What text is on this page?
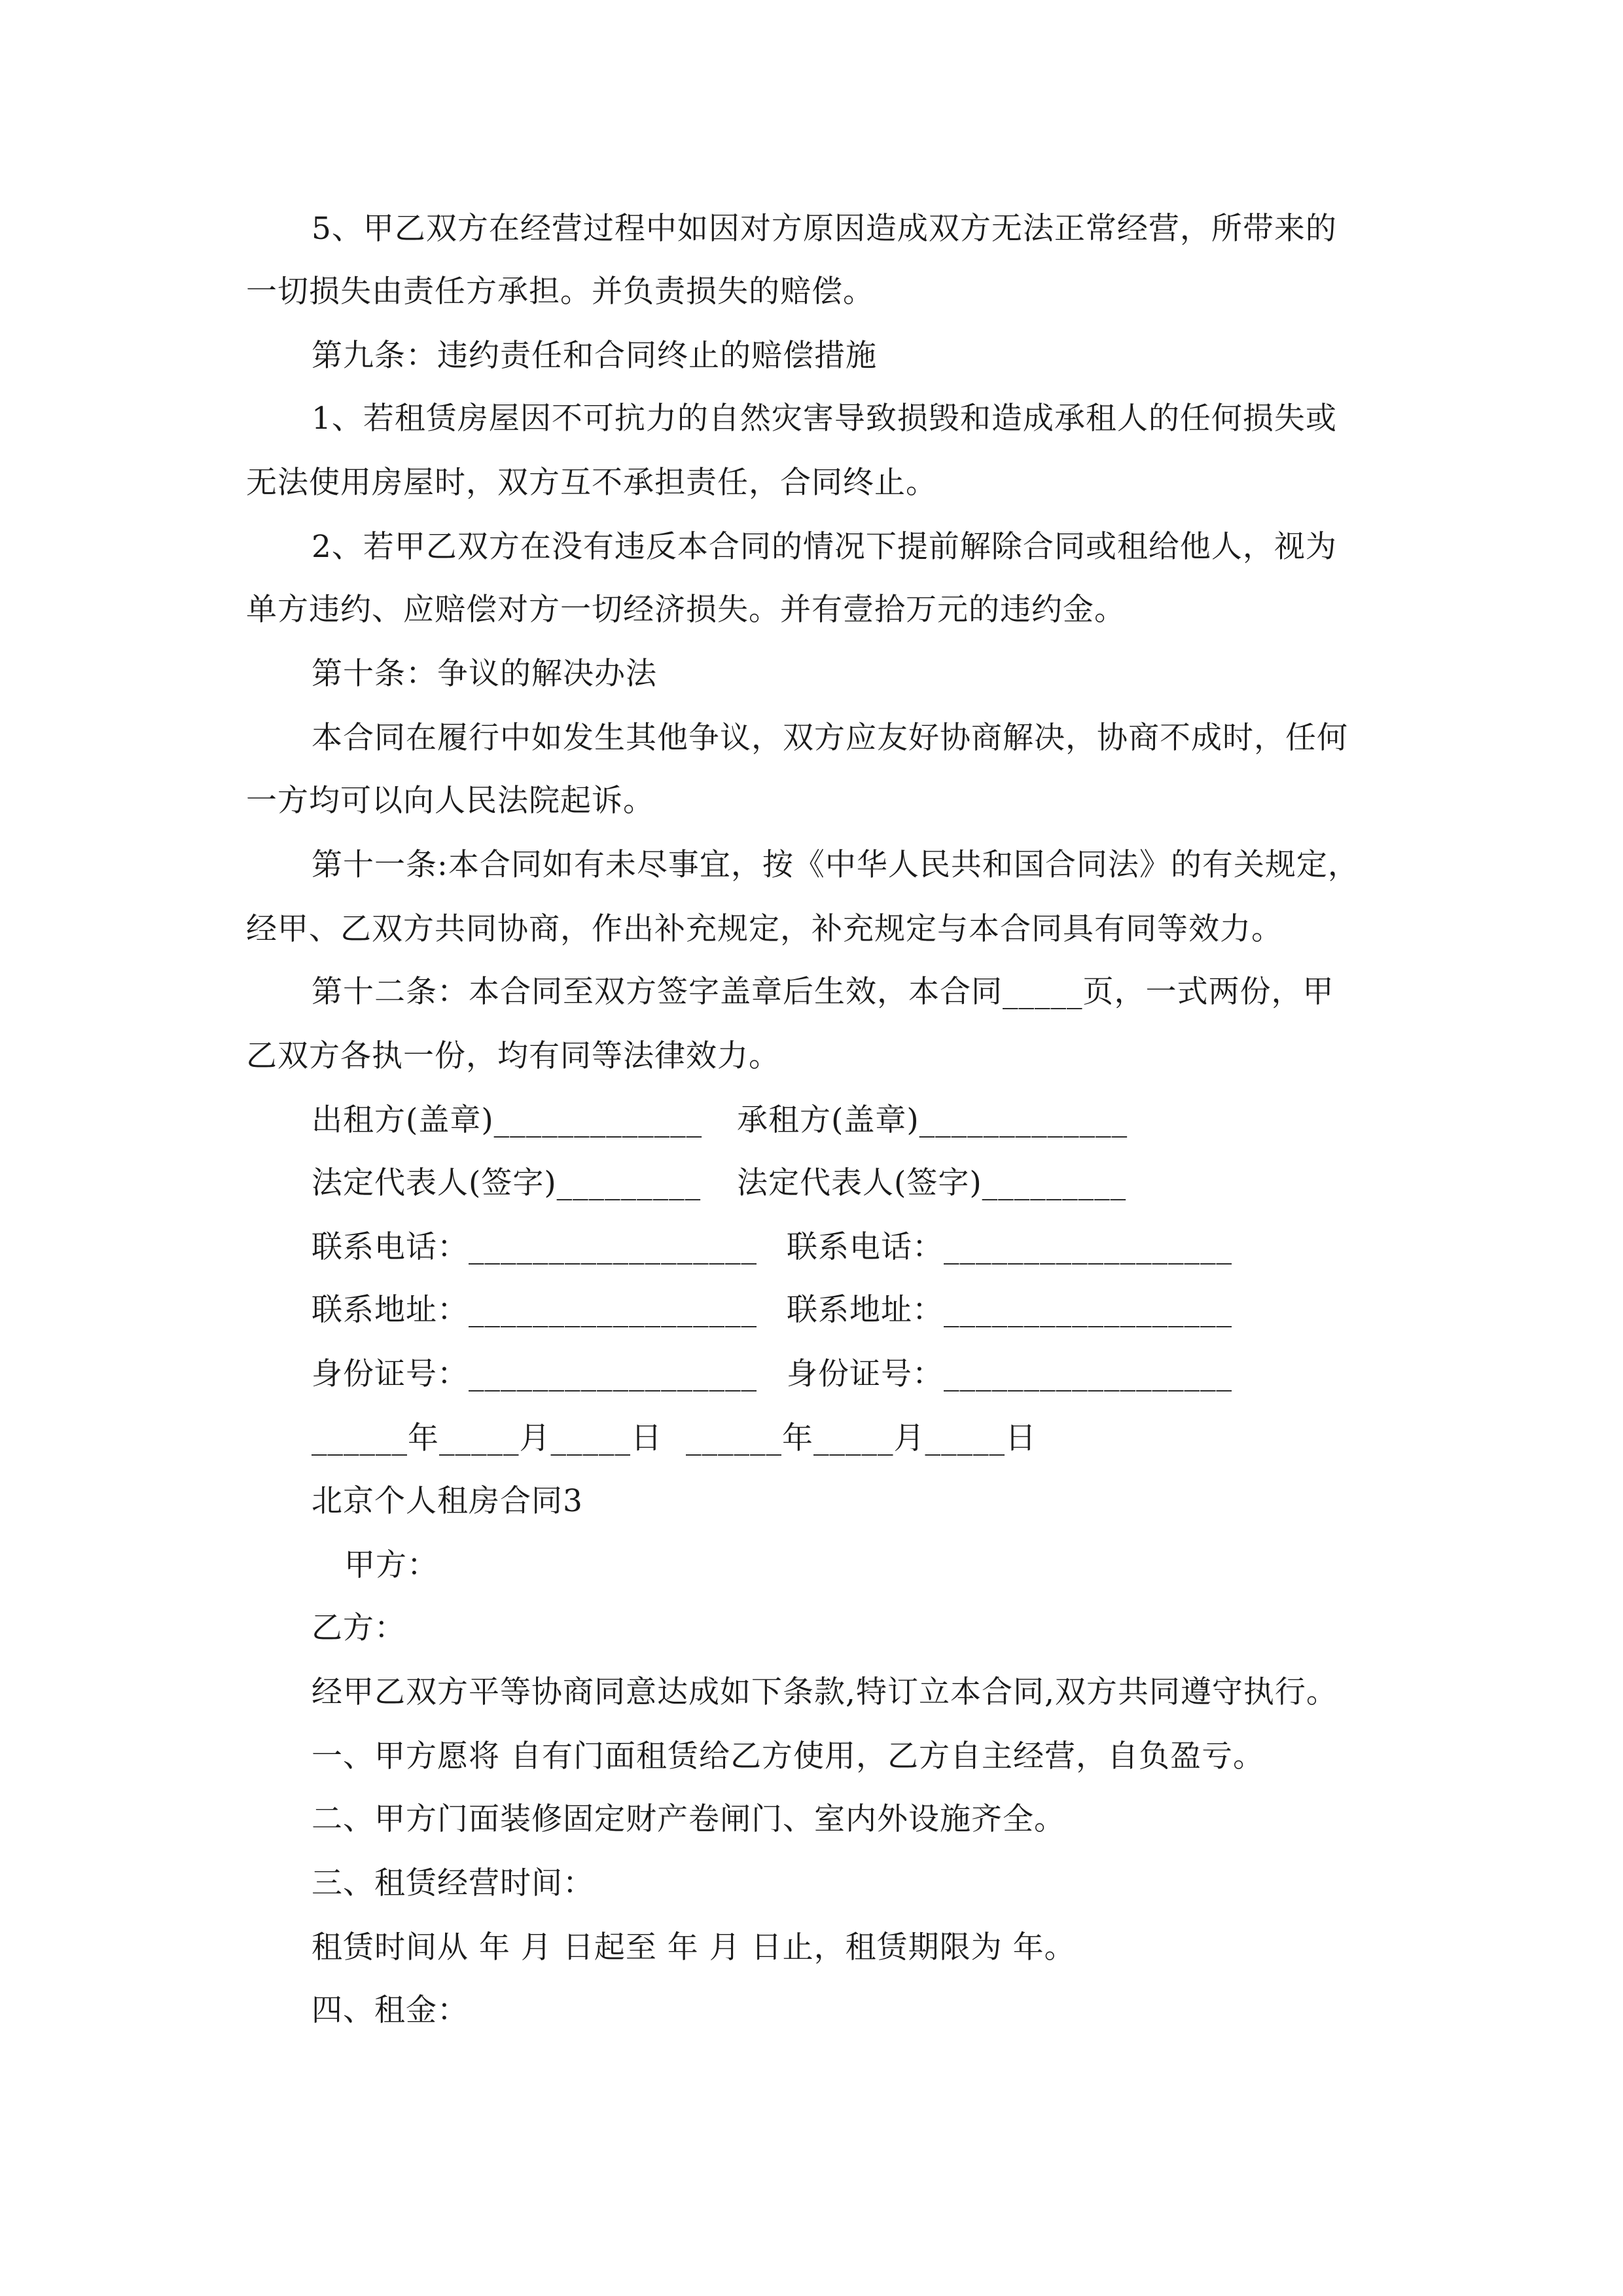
5、甲乙双方在经营过程中如因对方原因造成双方无法正常经营，所带来的
一切损失由责任方承担。并负责损失的赔偿。
第九条：违约责任和合同终止的赔偿措施
1、若租赁房屋因不可抗力的自然灾害导致损毁和造成承租人的任何损失或
无法使用房屋时，双方互不承担责任，合同终止。
2、若甲乙双方在没有违反本合同的情况下提前解除合同或租给他人，视为
单方违约、应赔偿对方一切经济损失。并有壹拾万元的违约金。
第十条：争议的解决办法
本合同在履行中如发生其他争议，双方应友好协商解决，协商不成时，任何
一方均可以向人民法院起诉。
第十一条:本合同如有未尽事宜，按《中华人民共和国合同法》的有关规定，
经甲、乙双方共同协商，作出补充规定，补充规定与本合同具有同等效力。
第十二条：本合同至双方签字盖章后生效，本合同_____页，一式两份，甲
乙双方各执一份，均有同等法律效力。
出租方(盖章)_____________ 承租方(盖章)_____________
法定代表人(签字)_________ 法定代表人(签字)_________
联系电话：__________________ 联系电话：__________________
联系地址：__________________ 联系地址：__________________
身份证号：__________________ 身份证号：__________________
______年_____月_____日 ______年_____月_____日
北京个人租房合同3
甲方：
乙方：
经甲乙双方平等协商同意达成如下条款,特订立本合同,双方共同遵守执行。
一、甲方愿将 自有门面租赁给乙方使用，乙方自主经营，自负盈亏。
二、甲方门面装修固定财产卷闸门、室内外设施齐全。
三、租赁经营时间：
租赁时间从 年 月 日起至 年 月 日止，租赁期限为 年。
四、租金：
